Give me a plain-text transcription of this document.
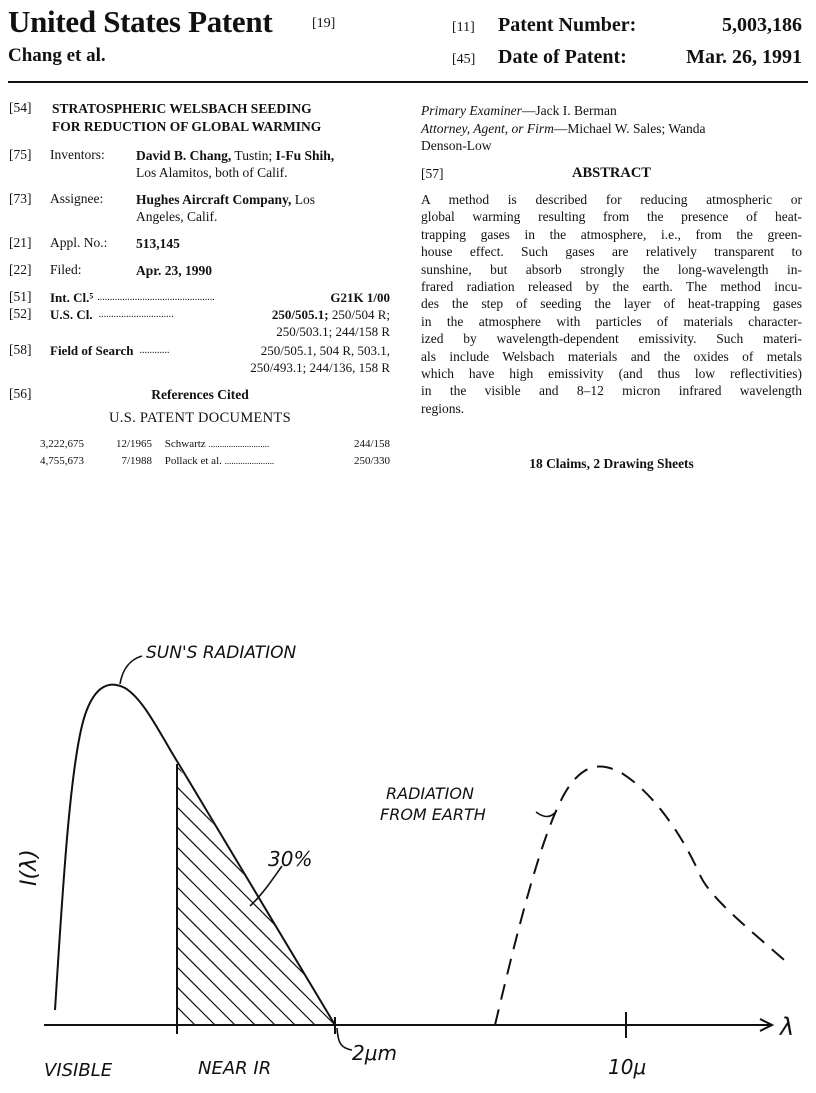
United States Patent	[19]
Chang et al.
[11] Patent Number:	5,003,186
[45] Date of Patent:	Mar. 26, 1991
[54] STRATOSPHERIC WELSBACH SEEDING
FOR REDUCTION OF GLOBAL WARMING
[75] Inventors: David B. Chang, Tustin; I-Fu Shih,
Los Alamitos, both of Calif.
[73] Assignee: Hughes Aircraft Company, Los
Angeles, Calif.
[21] Appl. No.: 513,145
[22] Filed:	Apr. 23, 1990
[51] Int. Cl.⁵ ...............................................	G21K 1/00
[52] U.S. Cl. ..............................	250/505.1; 250/504 R;
250/503.1; 244/158 R
[58] Field of Search ............	250/505.1, 504 R, 503.1,
250/493.1; 244/136, 158 R
[56]	References Cited
U.S. PATENT DOCUMENTS
3,222,675	12/1965 Schwartz ...........................	244/158
4,755,673	7/1988 Pollack et al. ......................	250/330
Primary Examiner—Jack I. Berman
Attorney, Agent, or Firm—Michael W. Sales; Wanda
Denson-Low
[57]	ABSTRACT
A method is described for reducing atmospheric or
global warming resulting from the presence of heat-
trapping gases in the atmosphere, i.e., from the green-
house effect. Such gases are relatively transparent to
sunshine, but absorb strongly the long-wavelength in-
frared radiation released by the earth. The method incu-
des the step of seeding the layer of heat-trapping gases
in the atmosphere with particles of materials character-
ized by wavelength-dependent emissivity. Such materi-
als include Welsbach materials and the oxides of metals
which have high emissivity (and thus low reflectivities)
in the visible and 8–12 micron infrared wavelength
regions.
18 Claims, 2 Drawing Sheets
SUN'S RADIATION
RADIATION
FROM EARTH
30%
I(λ)
λ
2μm
10μ
VISIBLE	NEAR IR
